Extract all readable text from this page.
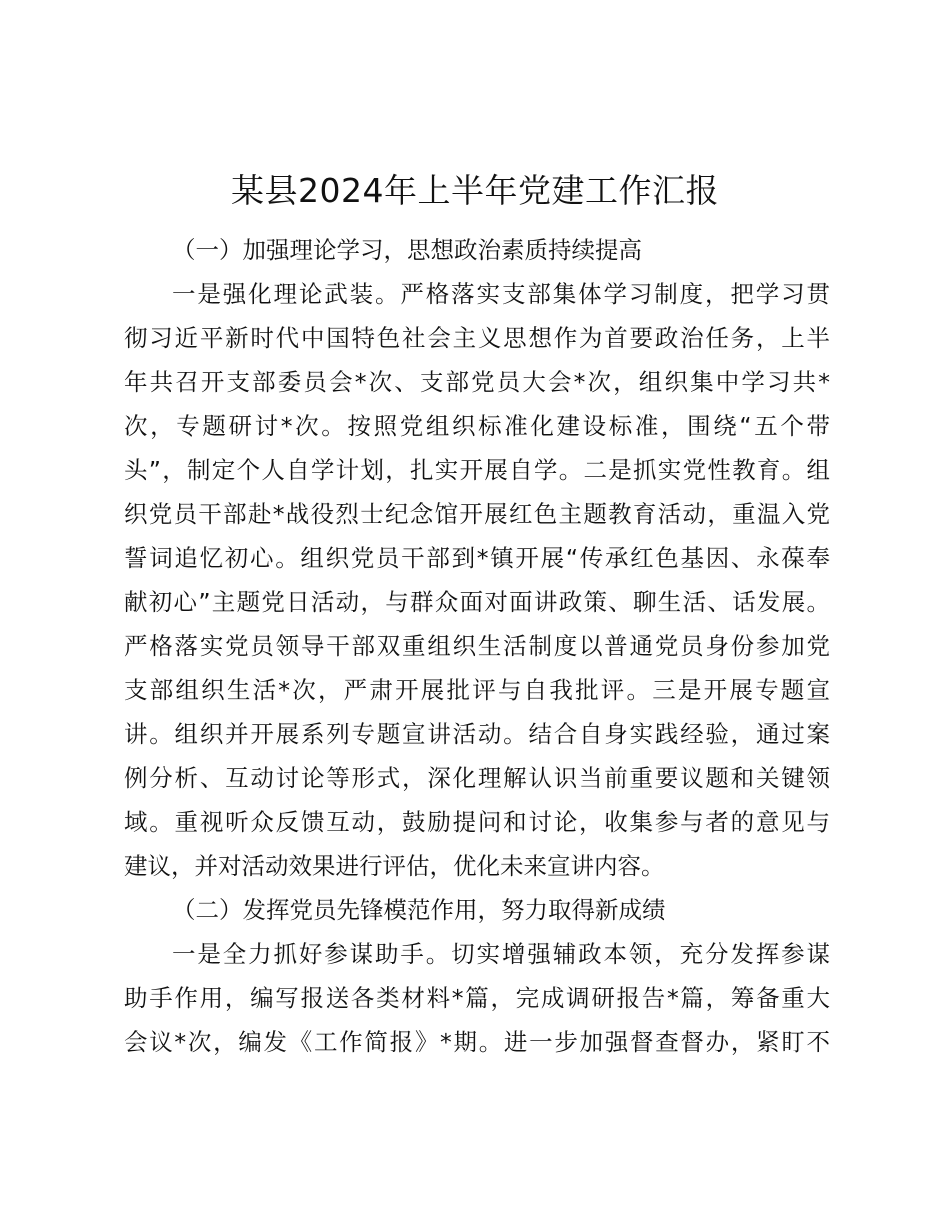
某县2024年上半年党建工作汇报
（一）加强理论学习，思想政治素质持续提高
一是强化理论武装。严格落实支部集体学习制度，把学习贯
彻习近平新时代中国特色社会主义思想作为首要政治任务，上半
年共召开支部委员会*次、支部党员大会*次，组织集中学习共*
次，专题研讨*次。按照党组织标准化建设标准，围绕“五个带
头”，制定个人自学计划，扎实开展自学。二是抓实党性教育。组
织党员干部赴*战役烈士纪念馆开展红色主题教育活动，重温入党
誓词追忆初心。组织党员干部到*镇开展“传承红色基因、永葆奉
献初心”主题党日活动，与群众面对面讲政策、聊生活、话发展。
严格落实党员领导干部双重组织生活制度以普通党员身份参加党
支部组织生活*次，严肃开展批评与自我批评。三是开展专题宣
讲。组织并开展系列专题宣讲活动。结合自身实践经验，通过案
例分析、互动讨论等形式，深化理解认识当前重要议题和关键领
域。重视听众反馈互动，鼓励提问和讨论，收集参与者的意见与
建议，并对活动效果进行评估，优化未来宣讲内容。
（二）发挥党员先锋模范作用，努力取得新成绩
一是全力抓好参谋助手。切实增强辅政本领，充分发挥参谋
助手作用，编写报送各类材料*篇，完成调研报告*篇，筹备重大
会议*次，编发《工作简报》*期。进一步加强督查督办，紧盯不
